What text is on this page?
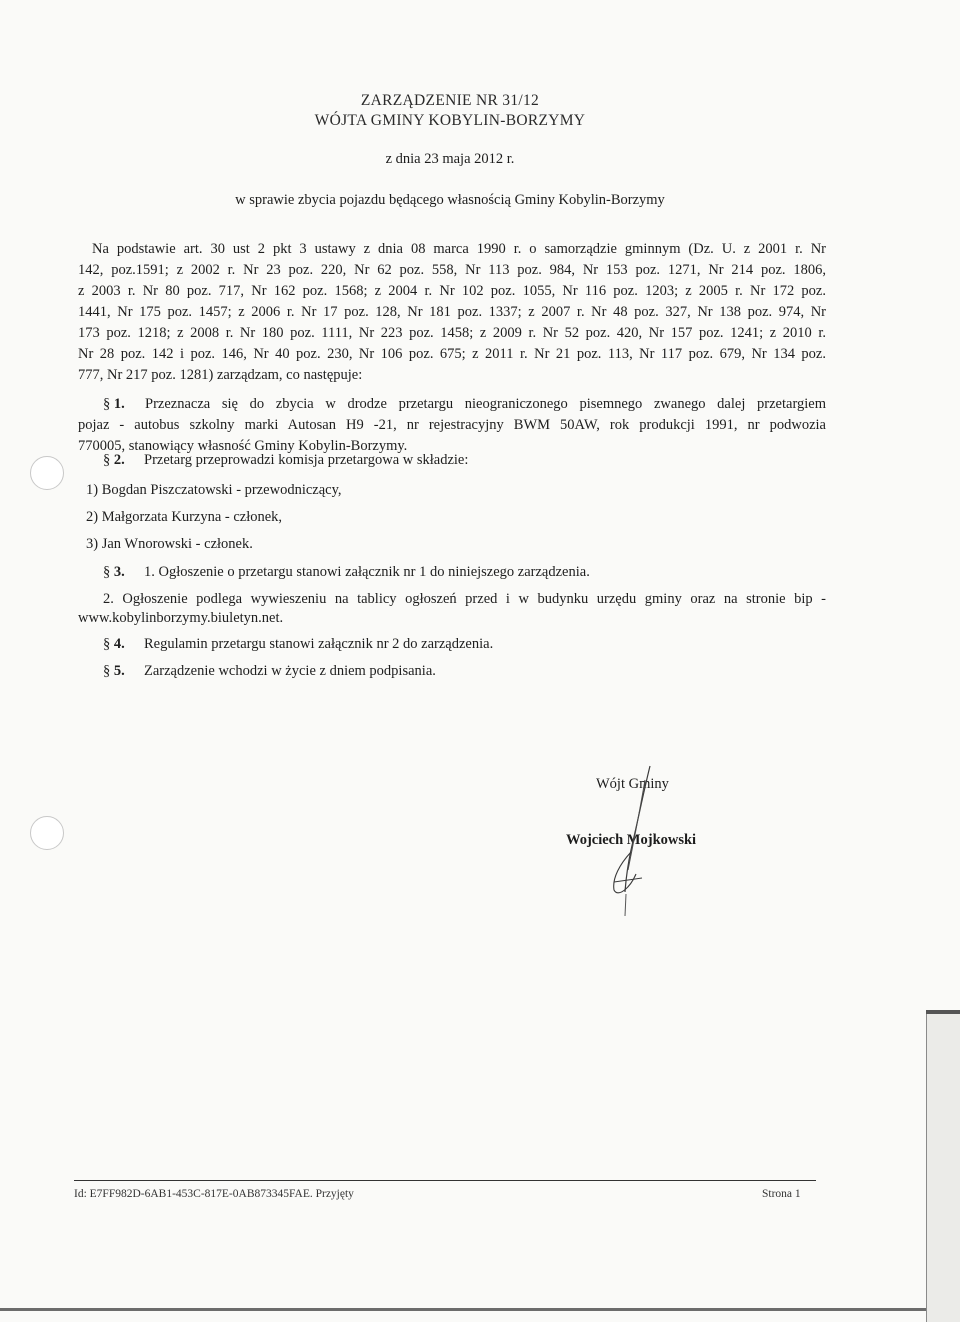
ZARZĄDZENIE NR 31/12
WÓJTA GMINY KOBYLIN-BORZYMY
z dnia 23 maja 2012 r.
w sprawie zbycia pojazdu będącego własnością Gminy Kobylin-Borzymy
Na podstawie art. 30 ust 2 pkt 3 ustawy z dnia 08 marca 1990 r. o samorządzie gminnym (Dz. U. z 2001 r. Nr
142, poz.1591; z 2002 r. Nr 23 poz. 220, Nr 62 poz. 558, Nr 113 poz. 984, Nr 153 poz. 1271, Nr 214 poz. 1806,
z 2003 r. Nr 80 poz. 717, Nr 162 poz. 1568; z 2004 r. Nr 102 poz. 1055, Nr 116 poz. 1203; z 2005 r. Nr 172 poz.
1441, Nr 175 poz. 1457; z 2006 r. Nr 17 poz. 128, Nr 181 poz. 1337; z 2007 r. Nr 48 poz. 327, Nr 138 poz. 974, Nr
173 poz. 1218; z 2008 r. Nr 180 poz. 1111, Nr 223 poz. 1458; z 2009 r. Nr 52 poz. 420, Nr 157 poz. 1241; z 2010 r.
Nr 28 poz. 142 i poz. 146, Nr 40 poz. 230, Nr 106 poz. 675; z 2011 r. Nr 21 poz. 113, Nr 117 poz. 679, Nr 134 poz.
777, Nr 217 poz. 1281) zarządzam, co następuje:
§ 1. Przeznacza się do zbycia w drodze przetargu nieograniczonego pisemnego zwanego dalej przetargiem
pojaz - autobus szkolny marki Autosan H9 -21, nr rejestracyjny BWM 50AW, rok produkcji 1991, nr podwozia
770005, stanowiący własność Gminy Kobylin-Borzymy.
§ 2. Przetarg przeprowadzi komisja przetargowa w składzie:
1) Bogdan Piszczatowski - przewodniczący,
2) Małgorzata Kurzyna - członek,
3) Jan Wnorowski - członek.
§ 3. 1. Ogłoszenie o przetargu stanowi załącznik nr 1 do niniejszego zarządzenia.
2. Ogłoszenie podlega wywieszeniu na tablicy ogłoszeń przed i w budynku urzędu gminy oraz na stronie bip -
www.kobylinborzymy.biuletyn.net.
§ 4. Regulamin przetargu stanowi załącznik nr 2 do zarządzenia.
§ 5. Zarządzenie wchodzi w życie z dniem podpisania.
Wójt Gminy
Wojciech Mojkowski
Id: E7FF982D-6AB1-453C-817E-0AB873345FAE. Przyjęty	Strona 1
